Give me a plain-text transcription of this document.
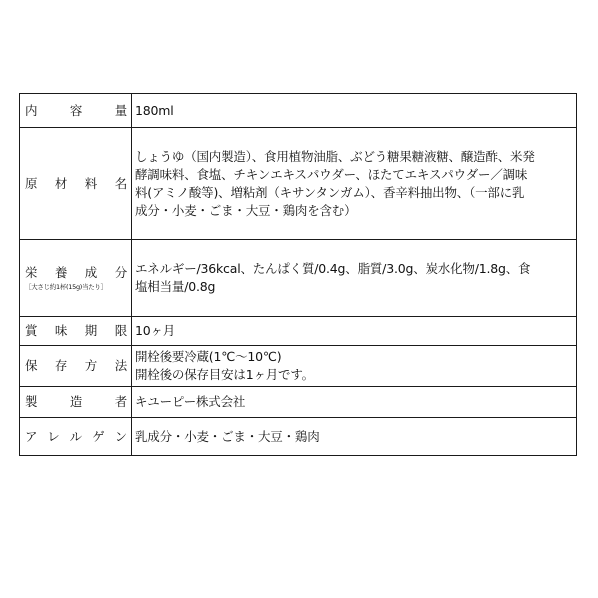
内容量	180ml

原材料名	しょうゆ（国内製造）、食用植物油脂、ぶどう糖果糖液糖、醸造酢、米発
酵調味料、食塩、チキンエキスパウダー、ほたてエキスパウダー／調味
料(アミノ酸等)、増粘剤（キサンタンガム）、香辛料抽出物、（一部に乳
成分・小麦・ごま・大豆・鶏肉を含む）

栄養成分
［大さじ約1杯(15g)当たり］	エネルギー/36kcal、たんぱく質/0.4g、脂質/3.0g、炭水化物/1.8g、食
塩相当量/0.8g

賞味期限	10ヶ月

保存方法	開栓後要冷蔵(1℃～10℃)
開栓後の保存目安は1ヶ月です。

製造者	キユーピー株式会社

アレルゲン	乳成分・小麦・ごま・大豆・鶏肉
